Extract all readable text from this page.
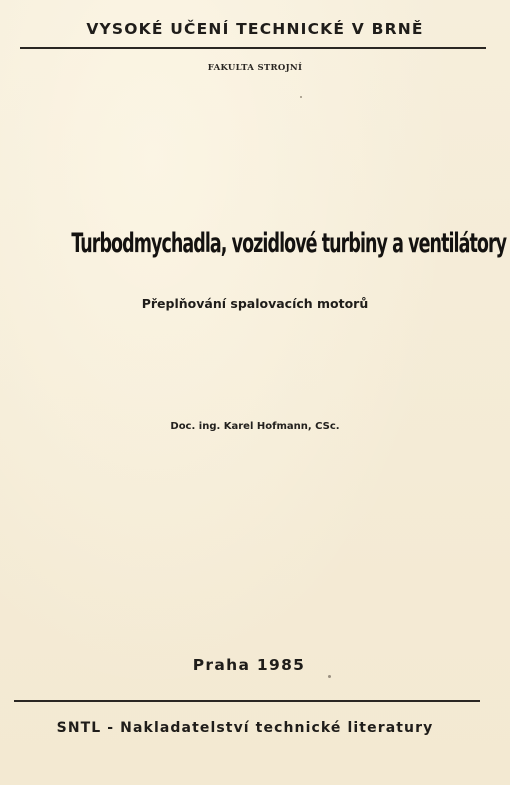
VYSOKÉ UČENÍ TECHNICKÉ V BRNĚ
FAKULTA STROJNÍ
Turbodmychadla, vozidlové turbiny a ventilátory
Přeplňování spalovacích motorů
Doc. ing. Karel Hofmann, CSc.
Praha 1985
SNTL - Nakladatelství technické literatury
